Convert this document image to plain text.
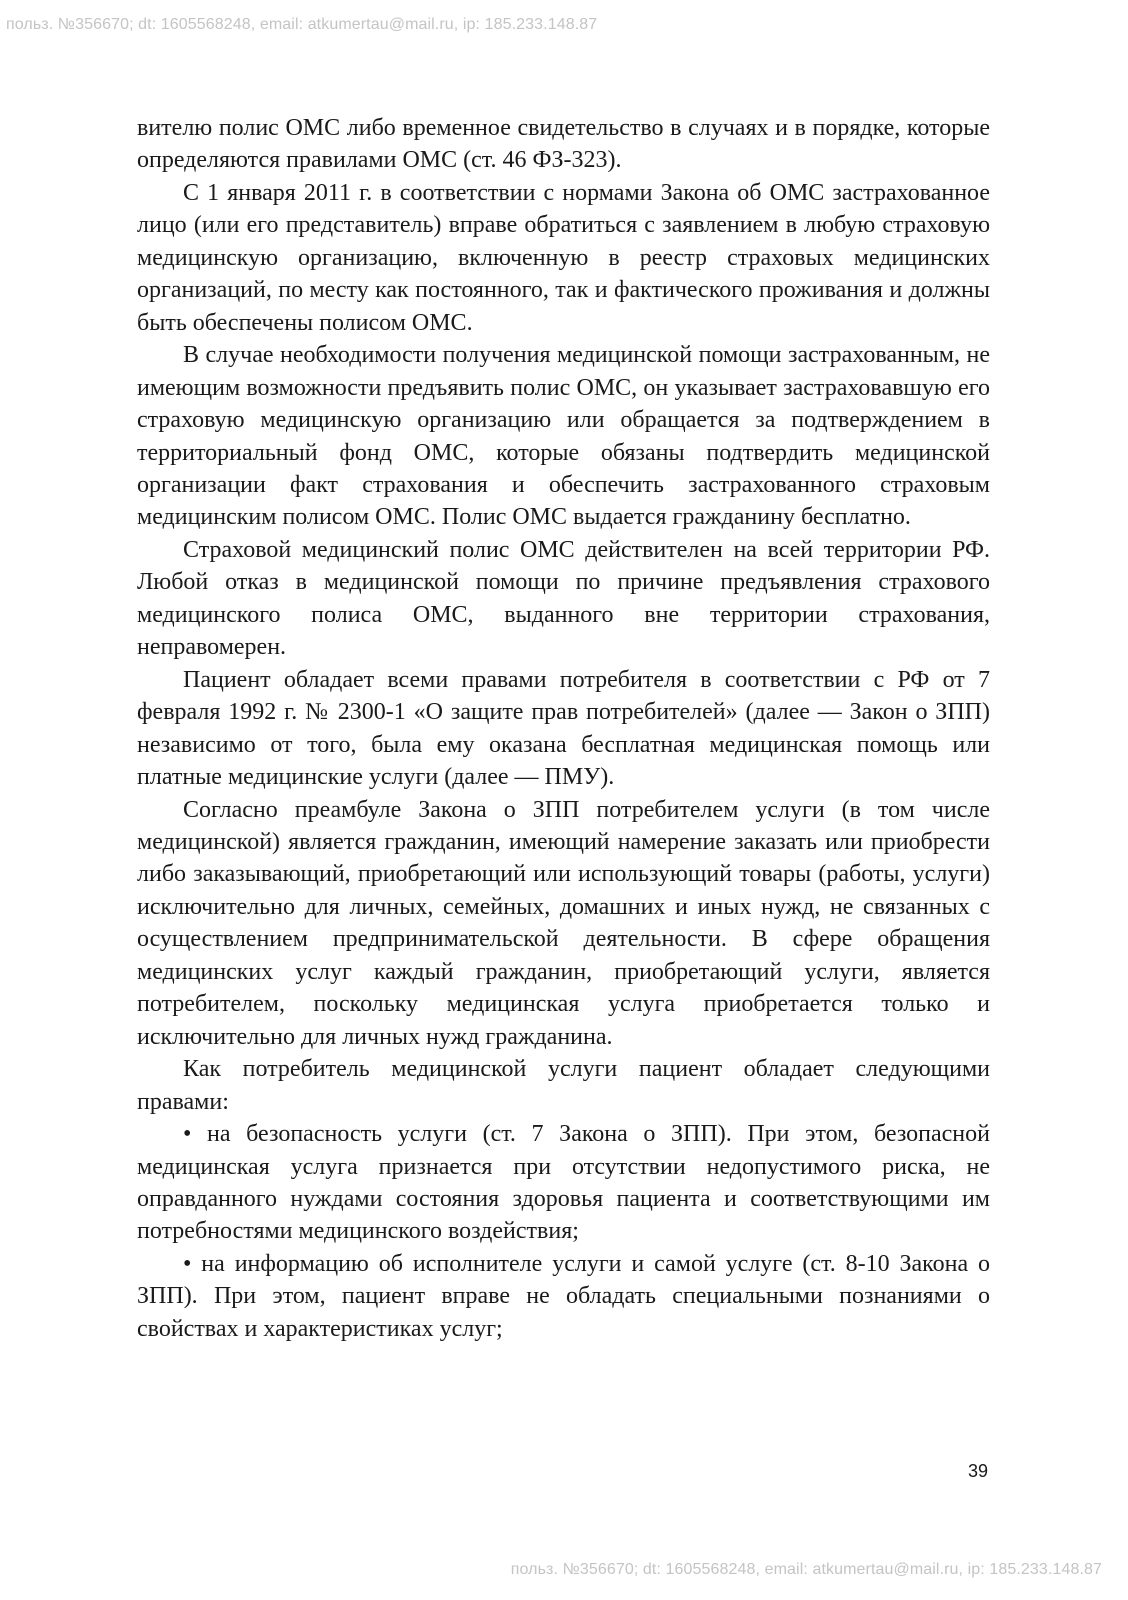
польз. №356670; dt: 1605568248, email: atkumertau@mail.ru, ip: 185.233.148.87

вителю полис ОМС либо временное свидетельство в случаях и в порядке, которые определяются правилами ОМС (ст. 46 ФЗ-323).

С 1 января 2011 г. в соответствии с нормами Закона об ОМС застрахованное лицо (или его представитель) вправе обратиться с заявлением в любую страховую медицинскую организацию, включенную в реестр страховых медицинских организаций, по месту как постоянного, так и фактического проживания и должны быть обеспечены полисом ОМС.

В случае необходимости получения медицинской помощи застрахованным, не имеющим возможности предъявить полис ОМС, он указывает застраховавшую его страховую медицинскую организацию или обращается за подтверждением в территориальный фонд ОМС, которые обязаны подтвердить медицинской организации факт страхования и обеспечить застрахованного страховым медицинским полисом ОМС. Полис ОМС выдается гражданину бесплатно.

Страховой медицинский полис ОМС действителен на всей территории РФ. Любой отказ в медицинской помощи по причине предъявления страхового медицинского полиса ОМС, выданного вне территории страхования, неправомерен.

Пациент обладает всеми правами потребителя в соответствии с РФ от 7 февраля 1992 г. № 2300-1 «О защите прав потребителей» (далее — Закон о ЗПП) независимо от того, была ему оказана бесплатная медицинская помощь или платные медицинские услуги (далее — ПМУ).

Согласно преамбуле Закона о ЗПП потребителем услуги (в том числе медицинской) является гражданин, имеющий намерение заказать или приобрести либо заказывающий, приобретающий или использующий товары (работы, услуги) исключительно для личных, семейных, домашних и иных нужд, не связанных с осуществлением предпринимательской деятельности. В сфере обращения медицинских услуг каждый гражданин, приобретающий услуги, является потребителем, поскольку медицинская услуга приобретается только и исключительно для личных нужд гражданина.

Как потребитель медицинской услуги пациент обладает следующими правами:

• на безопасность услуги (ст. 7 Закона о ЗПП). При этом, безопасной медицинская услуга признается при отсутствии недопустимого риска, не оправданного нуждами состояния здоровья пациента и соответствующими им потребностями медицинского воздействия;

• на информацию об исполнителе услуги и самой услуге (ст. 8-10 Закона о ЗПП). При этом, пациент вправе не обладать специальными познаниями о свойствах и характеристиках услуг;

39
польз. №356670; dt: 1605568248, email: atkumertau@mail.ru, ip: 185.233.148.87
